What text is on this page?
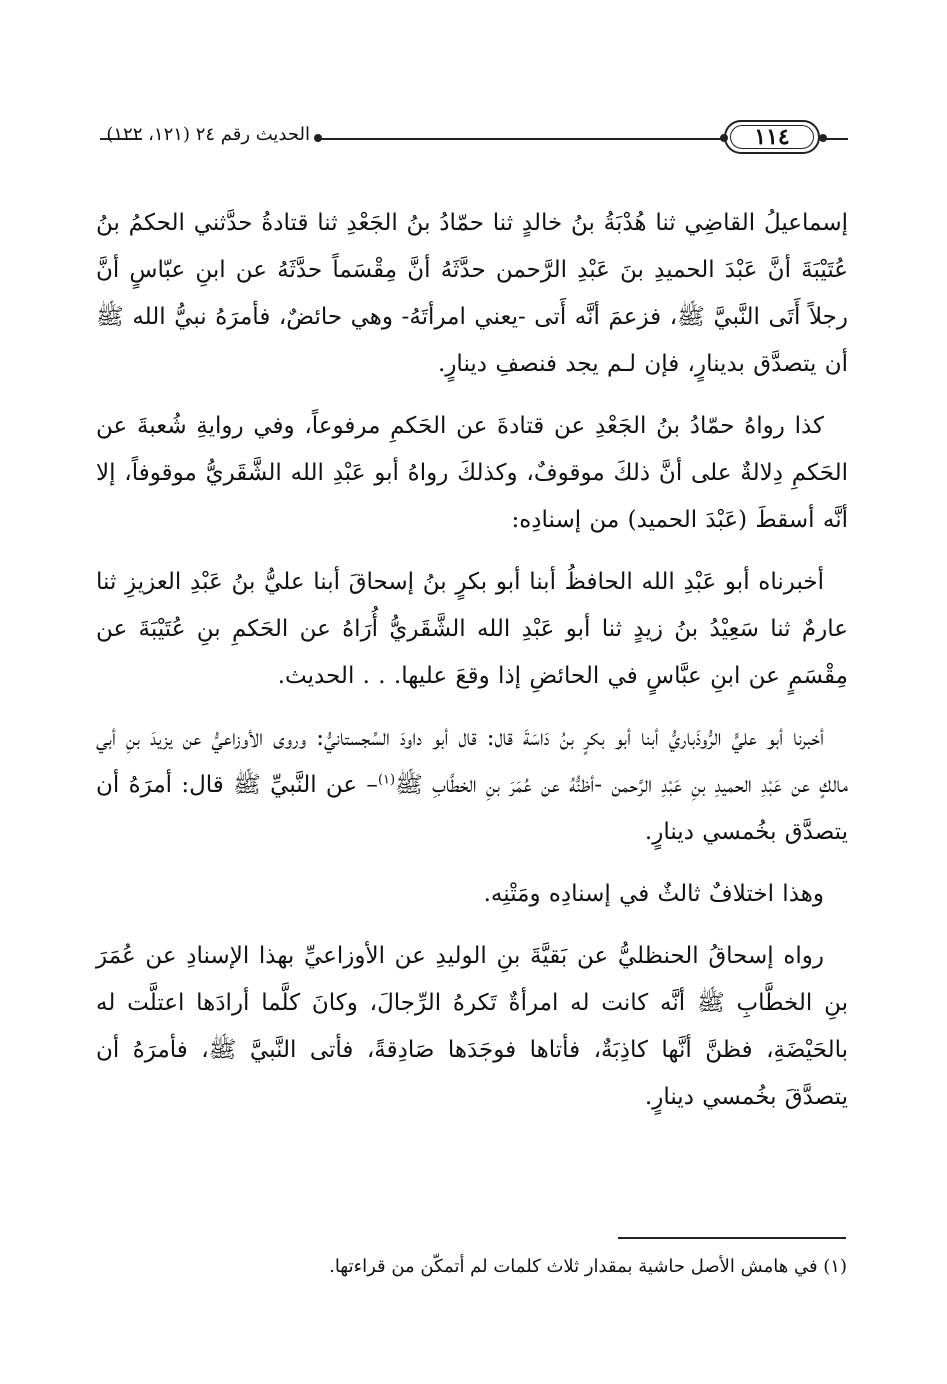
الحديث رقم ٢٤ (١٢١، ١٢٢)	١١٤

إسماعيلُ القاضِي ثنا هُدْبَةُ بنُ خالدٍ ثنا حمّادُ بنُ الجَعْدِ ثنا قتادةُ حدَّثني الحكمُ بنُ عُتَيْبَةَ أنَّ عَبْدَ الحميدِ بنَ عَبْدِ الرَّحمن حدَّثَهُ أنَّ مِقْسَماً حدَّثَهُ عن ابنِ عبّاسٍ أنَّ رجلاً أَتَى النَّبيَّ ﷺ، فزعمَ أنَّه أَتى -يعني امرأتَهُ- وهي حائضٌ، فأمرَهُ نبيُّ الله ﷺ أن يتصدَّق بدينارٍ، فإن لـم يجد فنصفِ دينارٍ.

كذا رواهُ حمّادُ بنُ الجَعْدِ عن قتادةَ عن الحَكمِ مرفوعاً، وفي روايةِ شُعبةَ عن الحَكمِ دِلالةٌ على أنَّ ذلكَ موقوفٌ، وكذلكَ رواهُ أبو عَبْدِ الله الشَّقَريُّ موقوفاً، إلا أنَّه أسقطَ (عَبْدَ الحميد) من إسنادِه:

أخبرناه أبو عَبْدِ الله الحافظُ أبنا أبو بكرٍ بنُ إسحاقَ أبنا عليُّ بنُ عَبْدِ العزيزِ ثنا عارمٌ ثنا سَعِيْدُ بنُ زيدٍ ثنا أبو عَبْدِ الله الشَّقَريُّ أُرَاهُ عن الحَكمِ بنِ عُتَيْبَةَ عن مِقْسَمٍ عن ابنِ عبَّاسٍ في الحائضِ إذا وقعَ عليها. . . الحديث.

أخبرنا أبو عليٍّ الرُّوذَباريُّ أبنا أبو بكرٍ بنُ دَاسَةَ قال: قال أبو داودَ السِّجستانيُّ: وروى الأوزاعيُّ عن يزيدَ بنِ أبي مالكٍ عن عَبْدِ الحميدِ بنِ عَبْدِ الرَّحمن -أظنُّهُ عن عُمَرَ بنِ الخطَّابِ ﷺ$^{(١)}$– عن النَّبيِّ ﷺ قال: أمرَهُ أن يتصدَّق بخُمسي دينارٍ.

وهذا اختلافٌ ثالثٌ في إسنادِه ومَتْنِه.

رواه إسحاقُ الحنظليُّ عن بَقيَّةَ بنِ الوليدِ عن الأوزاعيِّ بهذا الإسنادِ عن عُمَرَ بنِ الخطَّابِ ﷺ أنَّه كانت له امرأةٌ تَكرهُ الرِّجالَ، وكانَ كلَّما أرادَها اعتلَّت له بالحَيْضَةِ، فظنَّ أنَّها كاذِبَةٌ، فأتاها فوجَدَها صَادِقةً، فأتى النَّبيَّ ﷺ، فأمرَهُ أن يتصدَّقَ بخُمسي دينارٍ.

(١) في هامش الأصل حاشية بمقدار ثلاث كلمات لم أتمكّن من قراءتها.
